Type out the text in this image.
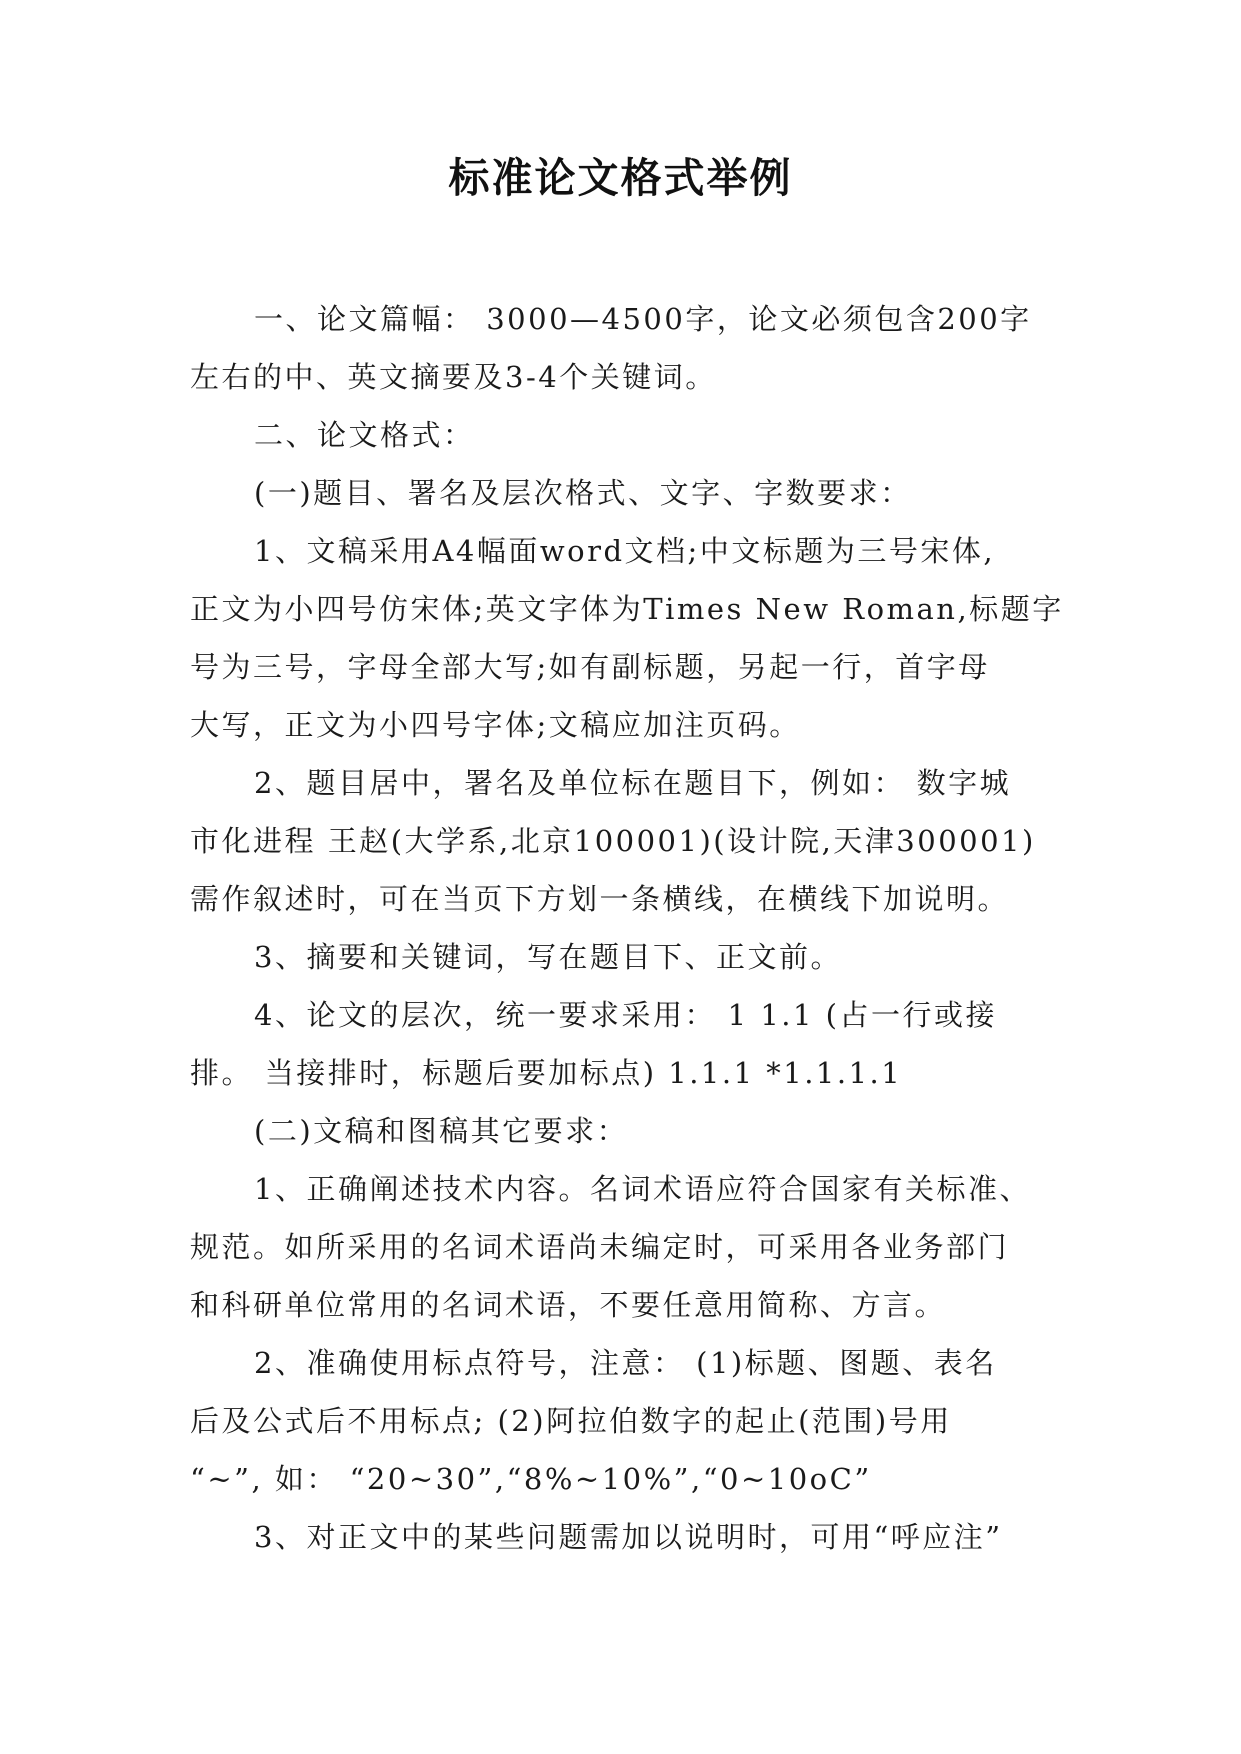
标准论文格式举例
一、论文篇幅： 3000—4500字，论文必须包含200字
左右的中、英文摘要及3-4个关键词。
二、论文格式：
(一)题目、署名及层次格式、文字、字数要求：
1、文稿采用A4幅面word文档;中文标题为三号宋体,
正文为小四号仿宋体;英文字体为Times New Roman,标题字
号为三号，字母全部大写;如有副标题，另起一行，首字母
大写，正文为小四号字体;文稿应加注页码。
2、题目居中，署名及单位标在题目下，例如： 数字城
市化进程 王赵(大学系,北京100001)(设计院,天津300001)
需作叙述时，可在当页下方划一条横线，在横线下加说明。
3、摘要和关键词，写在题目下、正文前。
4、论文的层次，统一要求采用： 1 1.1 (占一行或接
排。 当接排时，标题后要加标点) 1.1.1 *1.1.1.1
(二)文稿和图稿其它要求：
1、正确阐述技术内容。名词术语应符合国家有关标准、
规范。如所采用的名词术语尚未编定时，可采用各业务部门
和科研单位常用的名词术语，不要任意用简称、方言。
2、准确使用标点符号，注意： (1)标题、图题、表名
后及公式后不用标点; (2)阿拉伯数字的起止(范围)号用
“~”, 如： “20~30”,“8%~10%”,“0~10oC”
3、对正文中的某些问题需加以说明时，可用“呼应注”
